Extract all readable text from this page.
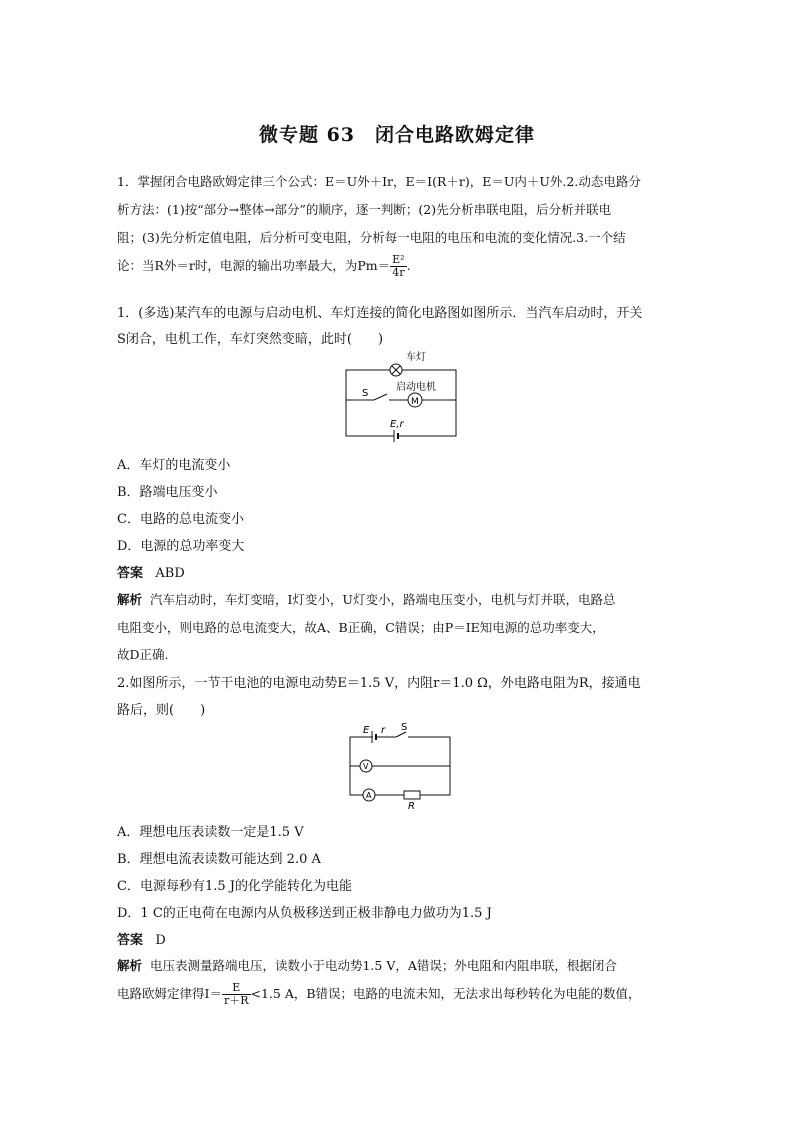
微专题 63　闭合电路欧姆定律
1．掌握闭合电路欧姆定律三个公式：E＝U外＋Ir，E＝I(R＋r)，E＝U内＋U外.2.动态电路分
析方法：(1)按“部分→整体→部分”的顺序，逐一判断；(2)先分析串联电阻，后分析并联电
阻；(3)先分析定值电阻，后分析可变电阻，分析每一电阻的电压和电流的变化情况.3.一个结
论：当R外＝r时，电源的输出功率最大，为$Pm= \frac{\text{E²}}{4r}$ .
1．(多选)某汽车的电源与启动电机、车灯连接的简化电路图如图所示．当汽车启动时，开关
S闭合，电机工作，车灯突然变暗，此时(　　)
车灯
S
启动电机
M
E,r
A．车灯的电流变小
B．路端电压变小
C．电路的总电流变小
D．电源的总功率变大
答案 ABD
解析 汽车启动时，车灯变暗，I灯变小，U灯变小，路端电压变小，电机与灯并联，电路总
电阻变小，则电路的总电流变大，故A、B正确，C错误；由P＝IE知电源的总功率变大，
故D正确.
2.如图所示，一节干电池的电源电动势E＝1.5 V，内阻r＝1.0 Ω，外电路电阻为R，接通电
路后，则(　　)
E r S
V
A
R
A．理想电压表读数一定是1.5 V
B．理想电流表读数可能达到 2.0 A
C．电源每秒有1.5 J的化学能转化为电能
D．1 C的正电荷在电源内从负极移送到正极非静电力做功为1.5 J
答案 D
解析 电压表测量路端电压，读数小于电动势1.5 V，A错误；外电阻和内阻串联，根据闭合
电路欧姆定律得$I= \frac{E}{r+R} <1.5$ A，B错误；电路的电流未知，无法求出每秒转化为电能的数值，
